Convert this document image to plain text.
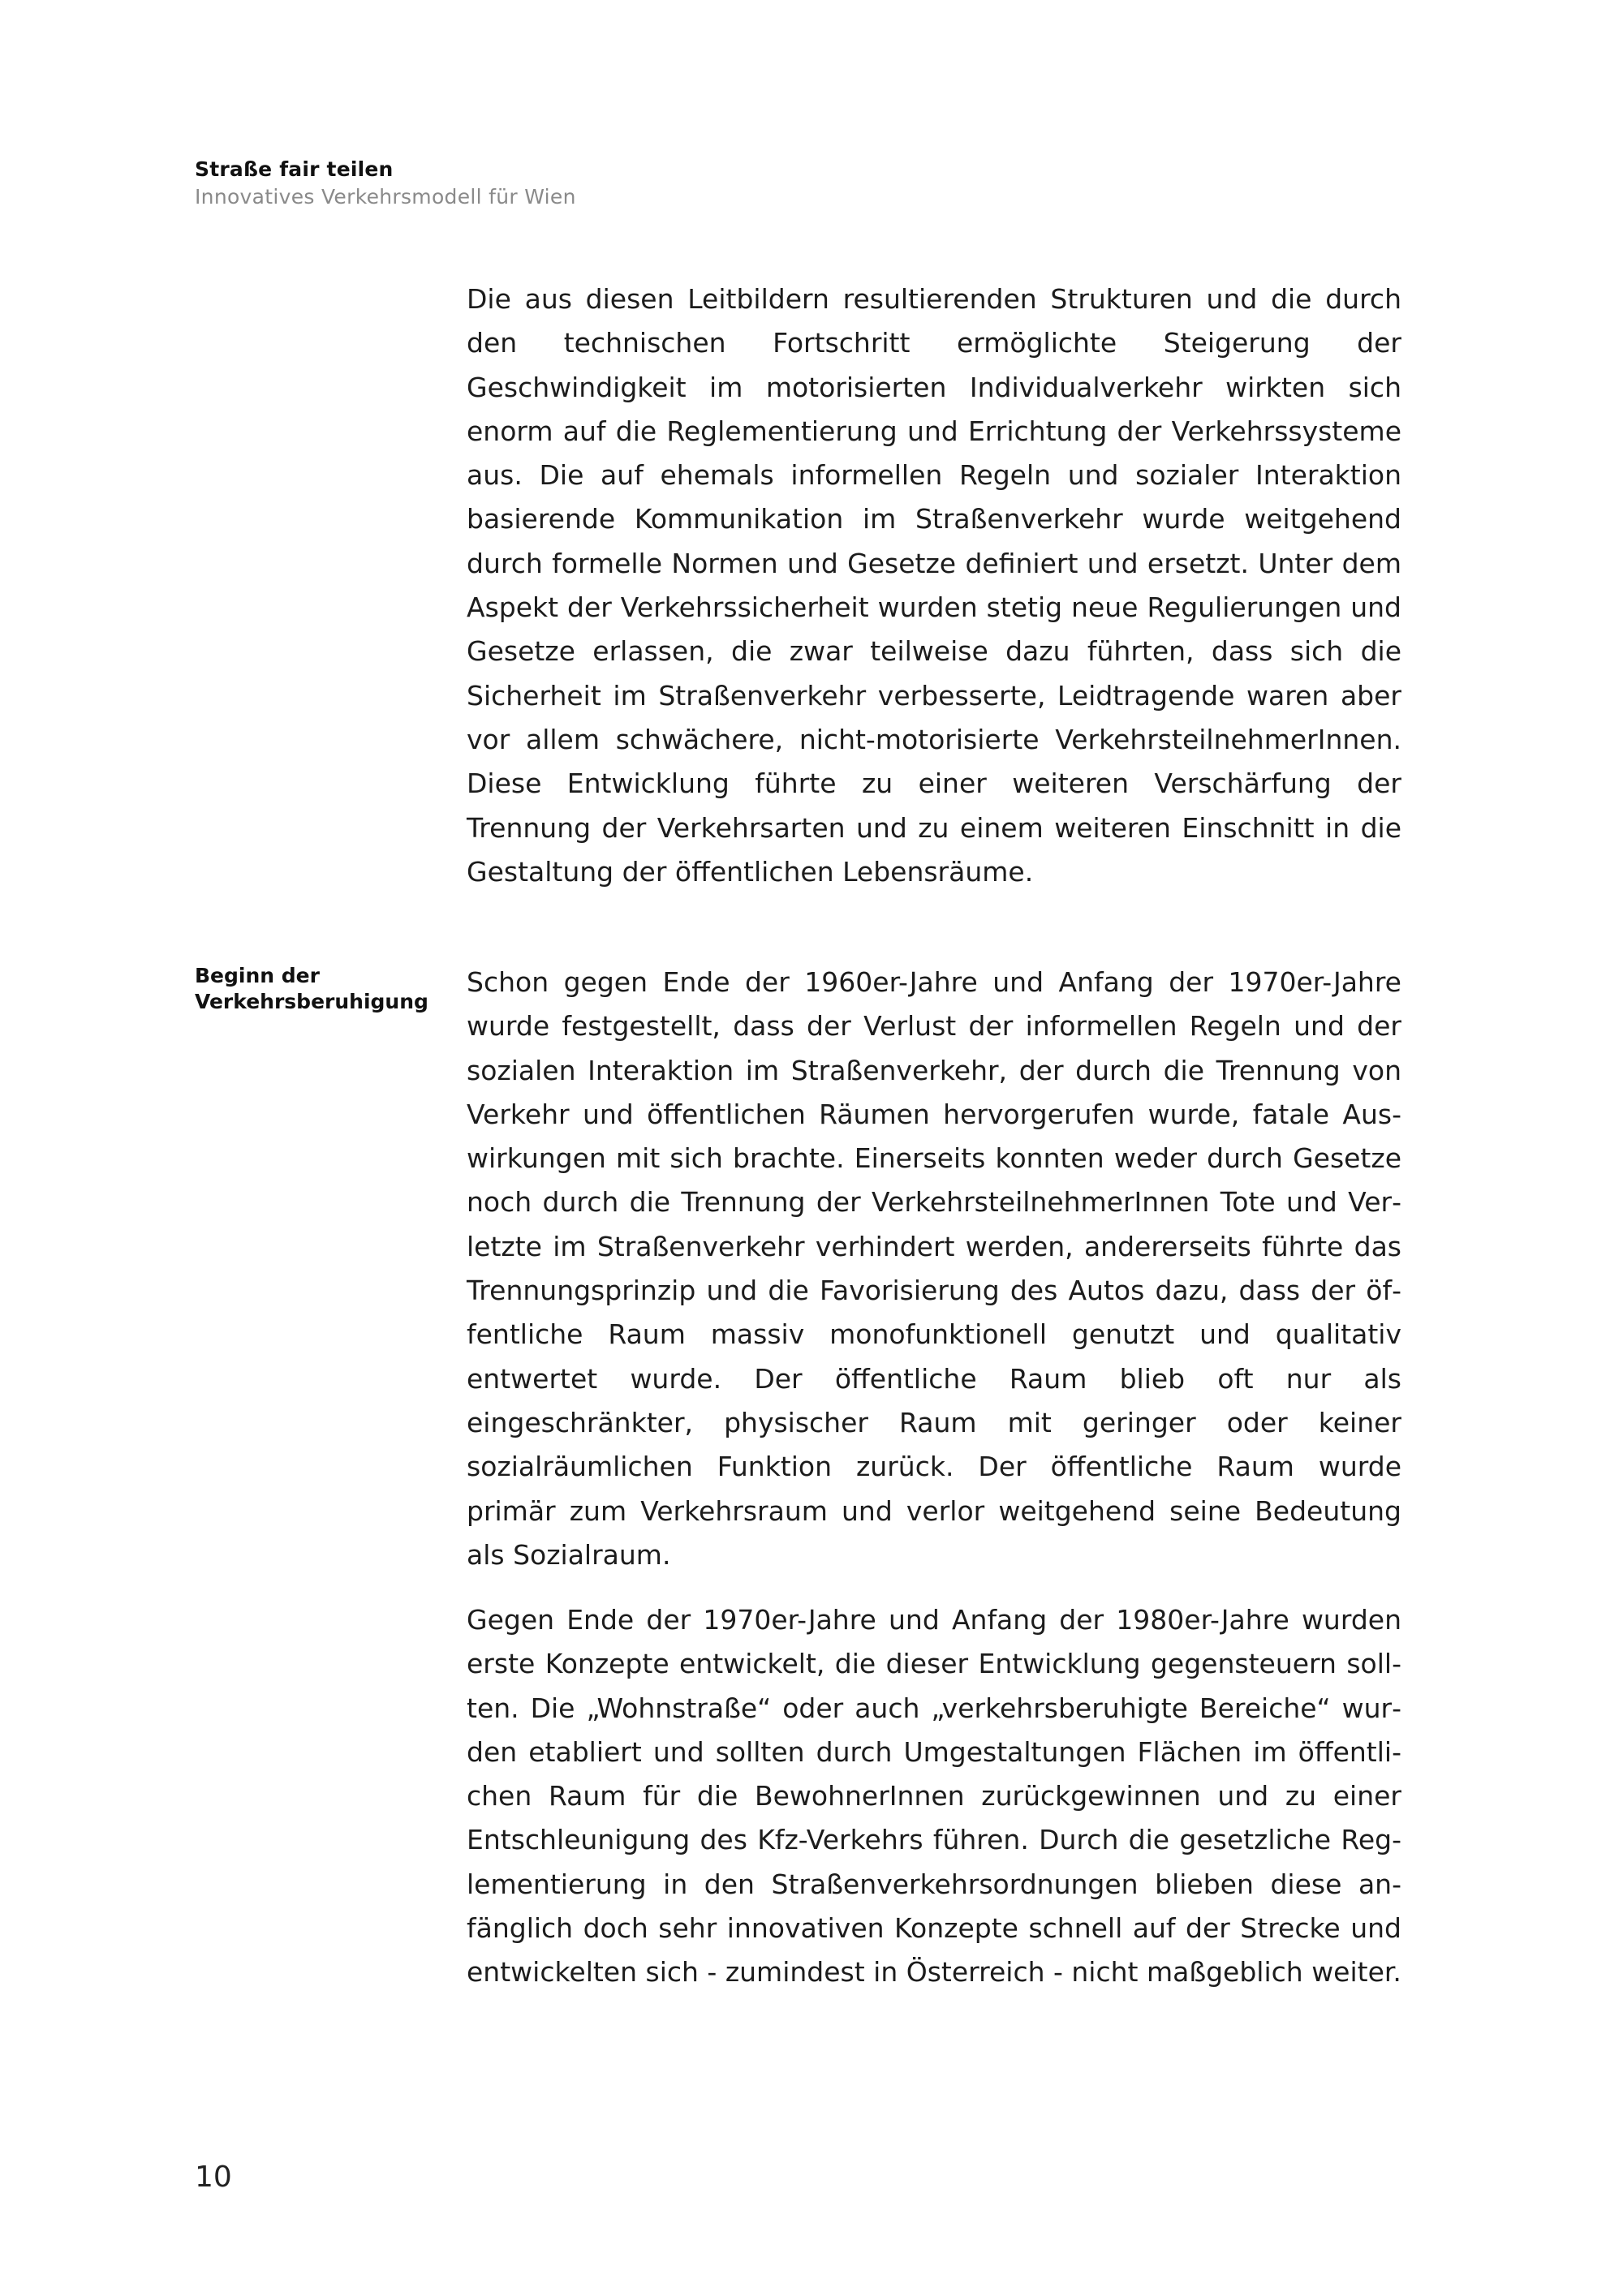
Straße fair teilen
Innovatives Verkehrsmodell für Wien

Die aus diesen Leitbildern resultierenden Strukturen und die durch den technischen Fortschritt ermöglichte Steigerung der Geschwindigkeit im motorisierten Individualverkehr wirkten sich enorm auf die Reglementierung und Errichtung der Verkehrssysteme aus. Die auf ehemals informellen Regeln und sozialer Interaktion basierende Kommunikation im Straßenverkehr wurde weitgehend durch formelle Normen und Gesetze definiert und ersetzt. Unter dem Aspekt der Verkehrssicherheit wurden stetig neue Regulierungen und Gesetze erlassen, die zwar teilweise dazu führten, dass sich die Sicherheit im Straßenverkehr verbesserte, Leidtragende waren aber vor allem schwächere, nicht-motorisierte VerkehrsteilnehmerInnen. Diese Entwicklung führte zu einer weiteren Verschärfung der Trennung der Verkehrsarten und zu einem weiteren Einschnitt in die Gestaltung der öffentlichen Lebensräume.

Beginn der
Verkehrsberuhigung

Schon gegen Ende der 1960er-Jahre und Anfang der 1970er-Jahre wurde festgestellt, dass der Verlust der informellen Regeln und der sozialen Interaktion im Straßenverkehr, der durch die Trennung von Verkehr und öffentlichen Räumen hervorgerufen wurde, fatale Auswirkungen mit sich brachte. Einerseits konnten weder durch Gesetze noch durch die Trennung der VerkehrsteilnehmerInnen Tote und Verletzte im Straßenverkehr verhindert werden, andererseits führte das Trennungsprinzip und die Favorisierung des Autos dazu, dass der öffentliche Raum massiv monofunktionell genutzt und qualitativ entwertet wurde. Der öffentliche Raum blieb oft nur als eingeschränkter, physischer Raum mit geringer oder keiner sozialräumlichen Funktion zurück. Der öffentliche Raum wurde primär zum Verkehrsraum und verlor weitgehend seine Bedeutung als Sozialraum.

Gegen Ende der 1970er-Jahre und Anfang der 1980er-Jahre wurden erste Konzepte entwickelt, die dieser Entwicklung gegensteuern sollten. Die „Wohnstraße“ oder auch „verkehrsberuhigte Bereiche“ wurden etabliert und sollten durch Umgestaltungen Flächen im öffentlichen Raum für die BewohnerInnen zurückgewinnen und zu einer Entschleunigung des Kfz-Verkehrs führen. Durch die gesetzliche Reglementierung in den Straßenverkehrsordnungen blieben diese anfänglich doch sehr innovativen Konzepte schnell auf der Strecke und entwickelten sich - zumindest in Österreich - nicht maßgeblich weiter.

10
